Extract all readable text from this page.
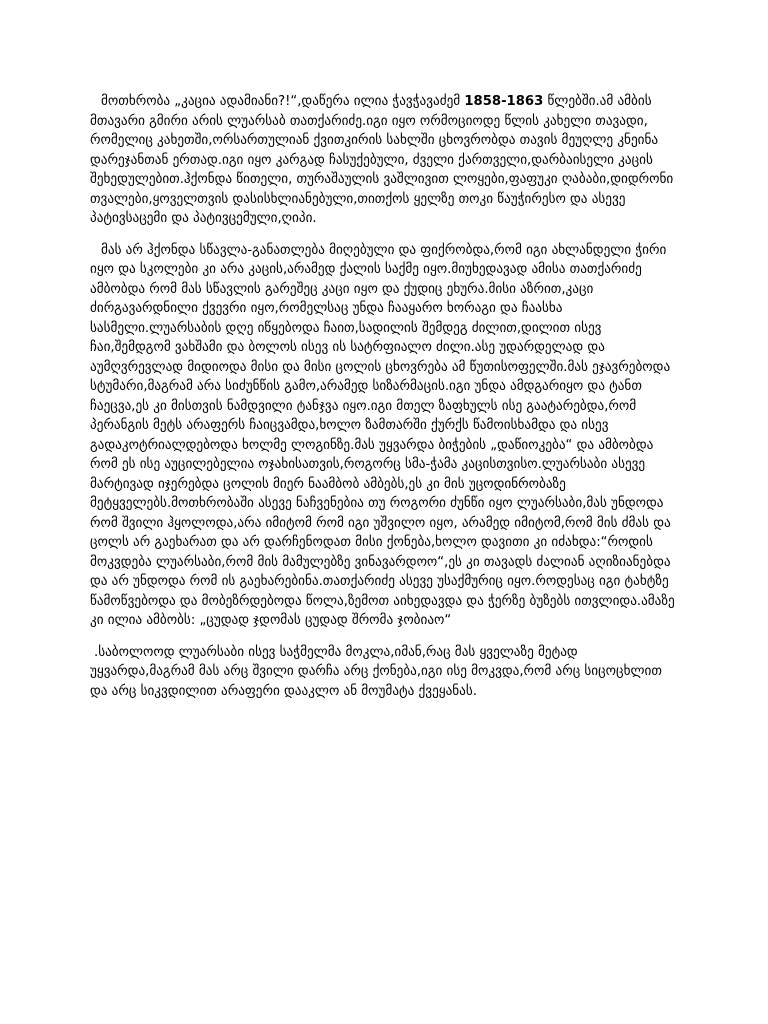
მოთხრობა „კაცია ადამიანი?!“,დაწერა ილია ჭავჭავაძემ 1858-1863 წლებში.ამ ამბის მთავარი გმირი არის ლუარსაბ თათქარიძე.იგი იყო ორმოციოდე წლის კახელი თავადი, რომელიც კახეთში,ორსართულიან ქვითკირის სახლში ცხოვრობდა თავის მეუღლე კნეინა დარეჯანთან ერთად.იგი იყო კარგად ჩასუქებული, ძველი ქართველი,დარბაისელი კაცის შეხედულებით.ჰქონდა წითელი, თურაშაულის ვაშლივით ლოყები,ფაფუკი ღაბაბი,დიდრონი თვალები,ყოველთვის დასისხლიანებული,თითქოს ყელზე თოკი წაუჭირესო და ასევე პატივსაცემი და პატივცემული,ღიპი.

მას არ ჰქონდა სწავლა-განათლება მიღებული და ფიქრობდა,რომ იგი ახლანდელი ჭირი იყო და სკოლები კი არა კაცის,არამედ ქალის საქმე იყო.მიუხედავად ამისა თათქარიძე ამბობდა რომ მას სწავლის გარეშეც კაცი იყო და ქუდიც ეხურა.მისი აზრით,კაცი ძირგავარდნილი ქვევრი იყო,რომელსაც უნდა ჩააყარო ხორაგი და ჩაასხა სასმელი.ლუარსაბის დღე იწყებოდა ჩაით,სადილის შემდეგ ძილით,დილით ისევ ჩაი,შემდგომ ვახშამი და ბოლოს ისევ ის სატრფიალო ძილი.ასე უდარდელად და აუმღვრევლად მიდიოდა მისი და მისი ცოლის ცხოვრება ამ წუთისოფელში.მას ეჯავრებოდა სტუმარი,მაგრამ არა სიძუნწის გამო,არამედ სიზარმაცის.იგი უნდა ამდგარიყო და ტანთ ჩაეცვა,ეს კი მისთვის ნამდვილი ტანჯვა იყო.იგი მთელ ზაფხულს ისე გაატარებდა,რომ პერანგის მეტს არაფერს ჩაიცვამდა,ხოლო ზამთარში ქურქს წამოისხამდა და ისევ გადაკოტრიალდებოდა ხოლმე ლოგინზე.მას უყვარდა ბიჭების „დაწიოკება“ და ამბობდა რომ ეს ისე აუცილებელია ოჯახისათვის,როგორც სმა-ჭამა კაცისთვისო.ლუარსაბი ასევე მარტივად იჯერებდა ცოლის მიერ ნაამბობ ამბებს,ეს კი მის უცოდინრობაზე მეტყველებს.მოთხრობაში ასევე ნაჩვენებია თუ როგორი ძუნწი იყო ლუარსაბი,მას უნდოდა რომ შვილი ჰყოლოდა,არა იმიტომ რომ იგი უშვილო იყო, არამედ იმიტომ,რომ მის ძმას და ცოლს არ გაეხარათ და არ დარჩენოდათ მისი ქონება,ხოლო დავითი კი იძახდა:“როდის მოკვდება ლუარსაბი,რომ მის მამულებზე ვინავარდოო“,ეს კი თავადს ძალიან აღიზიანებდა და არ უნდოდა რომ ის გაეხარებინა.თათქარიძე ასევე უსაქმურიც იყო.როდესაც იგი ტახტზე წამოწვებოდა და მობეზრდებოდა წოლა,ზემოთ აიხედავდა და ჭერზე ბუზებს ითვლიდა.ამაზე კი ილია ამბობს: „ცუდად ჯდომას ცუდად შრომა ჯობიაო“

.საბოლოოდ ლუარსაბი ისევ საჭმელმა მოკლა,იმან,რაც მას ყველაზე მეტად უყვარდა,მაგრამ მას არც შვილი დარჩა არც ქონება,იგი ისე მოკვდა,რომ არც სიცოცხლით და არც სიკვდილით არაფერი დააკლო ან მოუმატა ქვეყანას.
